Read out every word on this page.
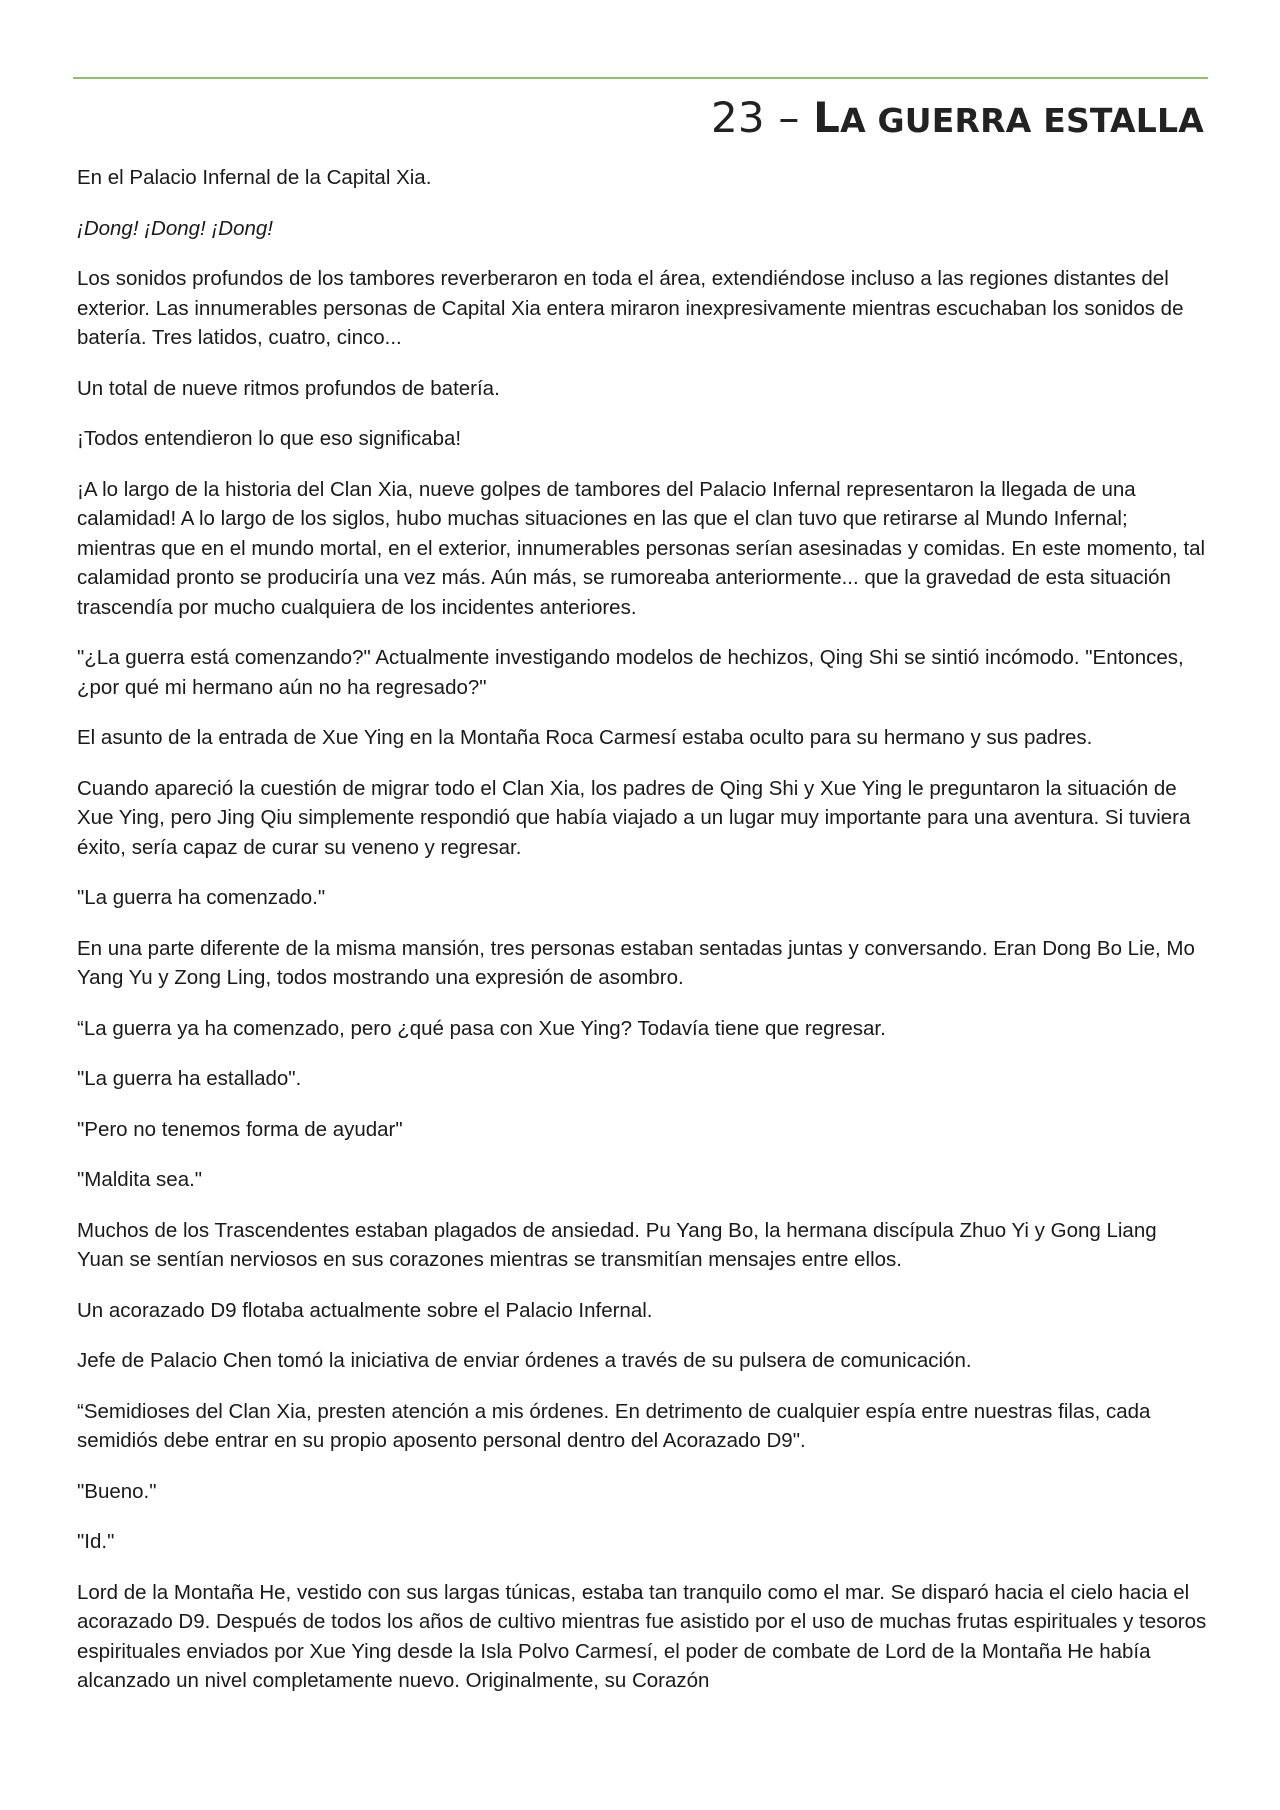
23 – LA GUERRA ESTALLA

En el Palacio Infernal de la Capital Xia.

¡Dong! ¡Dong! ¡Dong!

Los sonidos profundos de los tambores reverberaron en toda el área, extendiéndose incluso a las regiones distantes del exterior. Las innumerables personas de Capital Xia entera miraron inexpresivamente mientras escuchaban los sonidos de batería. Tres latidos, cuatro, cinco...

Un total de nueve ritmos profundos de batería.

¡Todos entendieron lo que eso significaba!

¡A lo largo de la historia del Clan Xia, nueve golpes de tambores del Palacio Infernal representaron la llegada de una calamidad! A lo largo de los siglos, hubo muchas situaciones en las que el clan tuvo que retirarse al Mundo Infernal; mientras que en el mundo mortal, en el exterior, innumerables personas serían asesinadas y comidas. En este momento, tal calamidad pronto se produciría una vez más. Aún más, se rumoreaba anteriormente... que la gravedad de esta situación trascendía por mucho cualquiera de los incidentes anteriores.

"¿La guerra está comenzando?" Actualmente investigando modelos de hechizos, Qing Shi se sintió incómodo. "Entonces, ¿por qué mi hermano aún no ha regresado?"

El asunto de la entrada de Xue Ying en la Montaña Roca Carmesí estaba oculto para su hermano y sus padres.

Cuando apareció la cuestión de migrar todo el Clan Xia, los padres de Qing Shi y Xue Ying le preguntaron la situación de Xue Ying, pero Jing Qiu simplemente respondió que había viajado a un lugar muy importante para una aventura. Si tuviera éxito, sería capaz de curar su veneno y regresar.

"La guerra ha comenzado."

En una parte diferente de la misma mansión, tres personas estaban sentadas juntas y conversando. Eran Dong Bo Lie, Mo Yang Yu y Zong Ling, todos mostrando una expresión de asombro.

“La guerra ya ha comenzado, pero ¿qué pasa con Xue Ying? Todavía tiene que regresar.

"La guerra ha estallado".

"Pero no tenemos forma de ayudar"

"Maldita sea."

Muchos de los Trascendentes estaban plagados de ansiedad. Pu Yang Bo, la hermana discípula Zhuo Yi y Gong Liang Yuan se sentían nerviosos en sus corazones mientras se transmitían mensajes entre ellos.

Un acorazado D9 flotaba actualmente sobre el Palacio Infernal.

Jefe de Palacio Chen tomó la iniciativa de enviar órdenes a través de su pulsera de comunicación.

“Semidioses del Clan Xia, presten atención a mis órdenes. En detrimento de cualquier espía entre nuestras filas, cada semidiós debe entrar en su propio aposento personal dentro del Acorazado D9".

"Bueno."

"Id."

Lord de la Montaña He, vestido con sus largas túnicas, estaba tan tranquilo como el mar. Se disparó hacia el cielo hacia el acorazado D9. Después de todos los años de cultivo mientras fue asistido por el uso de muchas frutas espirituales y tesoros espirituales enviados por Xue Ying desde la Isla Polvo Carmesí, el poder de combate de Lord de la Montaña He había alcanzado un nivel completamente nuevo. Originalmente, su Corazón
